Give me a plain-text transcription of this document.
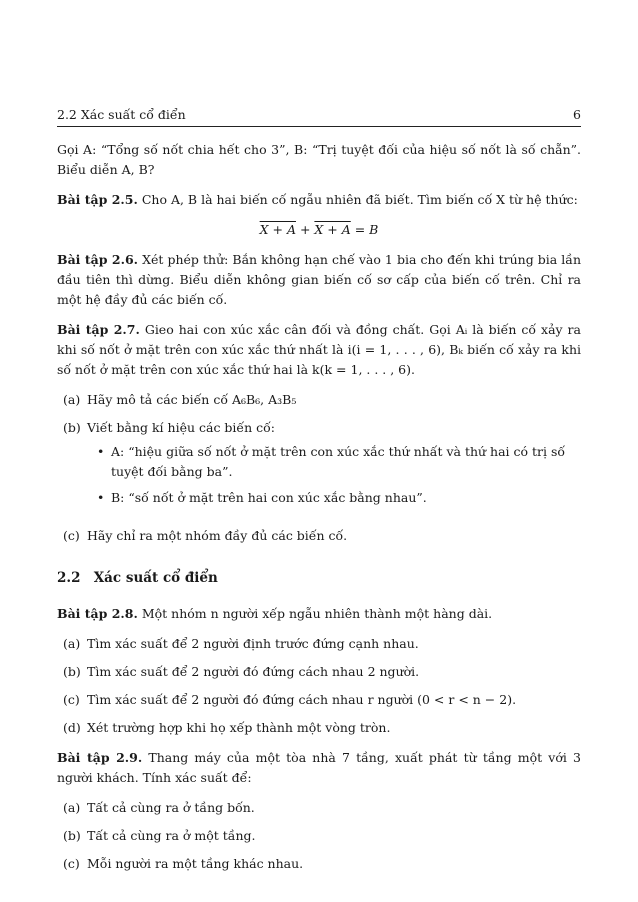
2.2 Xác suất cổ điển	6

Gọi A: “Tổng số nốt chia hết cho 3”, B: “Trị tuyệt đối của hiệu số nốt là số chẵn”. Biểu diễn A, B?

Bài tập 2.5. Cho A, B là hai biến cố ngẫu nhiên đã biết. Tìm biến cố X từ hệ thức:

X + A + X + A = B

Bài tập 2.6. Xét phép thử: Bắn không hạn chế vào 1 bia cho đến khi trúng bia lần đầu tiên thì dừng. Biểu diễn không gian biến cố sơ cấp của biến cố trên. Chỉ ra một hệ đầy đủ các biến cố.

Bài tập 2.7. Gieo hai con xúc xắc cân đối và đồng chất. Gọi Aᵢ là biến cố xảy ra khi số nốt ở mặt trên con xúc xắc thứ nhất là i(i = 1, . . . , 6), Bₖ biến cố xảy ra khi số nốt ở mặt trên con xúc xắc thứ hai là k(k = 1, . . . , 6).

(a) Hãy mô tả các biến cố A₆B₆, A₃B₅
(b) Viết bằng kí hiệu các biến cố:
• A: “hiệu giữa số nốt ở mặt trên con xúc xắc thứ nhất và thứ hai có trị số tuyệt đối bằng ba”.
• B: “số nốt ở mặt trên hai con xúc xắc bằng nhau”.
(c) Hãy chỉ ra một nhóm đầy đủ các biến cố.
2.2 Xác suất cổ điển

Bài tập 2.8. Một nhóm n người xếp ngẫu nhiên thành một hàng dài.

(a) Tìm xác suất để 2 người định trước đứng cạnh nhau.
(b) Tìm xác suất để 2 người đó đứng cách nhau 2 người.
(c) Tìm xác suất để 2 người đó đứng cách nhau r người (0 < r < n − 2).
(d) Xét trường hợp khi họ xếp thành một vòng tròn.

Bài tập 2.9. Thang máy của một tòa nhà 7 tầng, xuất phát từ tầng một với 3 người khách. Tính xác suất để:

(a) Tất cả cùng ra ở tầng bốn.
(b) Tất cả cùng ra ở một tầng.
(c) Mỗi người ra một tầng khác nhau.
